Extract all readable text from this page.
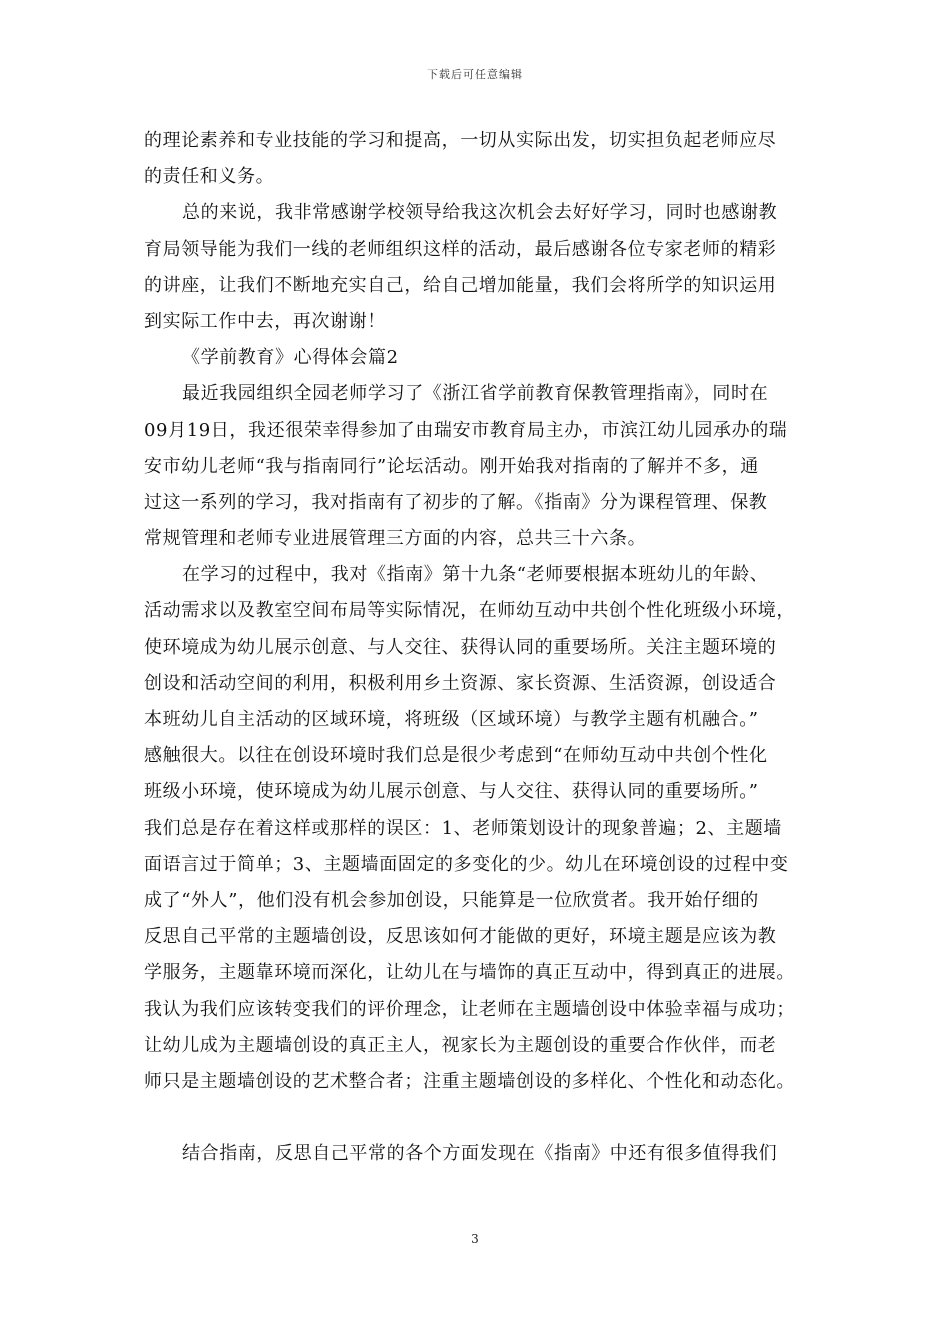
下载后可任意编辑
的理论素养和专业技能的学习和提高，一切从实际出发，切实担负起老师应尽
的责任和义务。
总的来说，我非常感谢学校领导给我这次机会去好好学习，同时也感谢教
育局领导能为我们一线的老师组织这样的活动，最后感谢各位专家老师的精彩
的讲座，让我们不断地充实自己，给自己增加能量，我们会将所学的知识运用
到实际工作中去，再次谢谢！
《学前教育》心得体会篇2
最近我园组织全园老师学习了《浙江省学前教育保教管理指南》，同时在
09月19日，我还很荣幸得参加了由瑞安市教育局主办，市滨江幼儿园承办的瑞
安市幼儿老师“我与指南同行”论坛活动。刚开始我对指南的了解并不多，通
过这一系列的学习，我对指南有了初步的了解。《指南》分为课程管理、保教
常规管理和老师专业进展管理三方面的内容，总共三十六条。
在学习的过程中，我对《指南》第十九条“老师要根据本班幼儿的年龄、
活动需求以及教室空间布局等实际情况，在师幼互动中共创个性化班级小环境，
使环境成为幼儿展示创意、与人交往、获得认同的重要场所。关注主题环境的
创设和活动空间的利用，积极利用乡土资源、家长资源、生活资源，创设适合
本班幼儿自主活动的区域环境，将班级（区域环境）与教学主题有机融合。”
感触很大。以往在创设环境时我们总是很少考虑到“在师幼互动中共创个性化
班级小环境，使环境成为幼儿展示创意、与人交往、获得认同的重要场所。”
我们总是存在着这样或那样的误区：1、老师策划设计的现象普遍；2、主题墙
面语言过于简单；3、主题墙面固定的多变化的少。幼儿在环境创设的过程中变
成了“外人”，他们没有机会参加创设，只能算是一位欣赏者。我开始仔细的
反思自己平常的主题墙创设，反思该如何才能做的更好，环境主题是应该为教
学服务，主题靠环境而深化，让幼儿在与墙饰的真正互动中，得到真正的进展。
我认为我们应该转变我们的评价理念，让老师在主题墙创设中体验幸福与成功；
让幼儿成为主题墙创设的真正主人，视家长为主题创设的重要合作伙伴，而老
师只是主题墙创设的艺术整合者；注重主题墙创设的多样化、个性化和动态化。
结合指南，反思自己平常的各个方面发现在《指南》中还有很多值得我们
3
